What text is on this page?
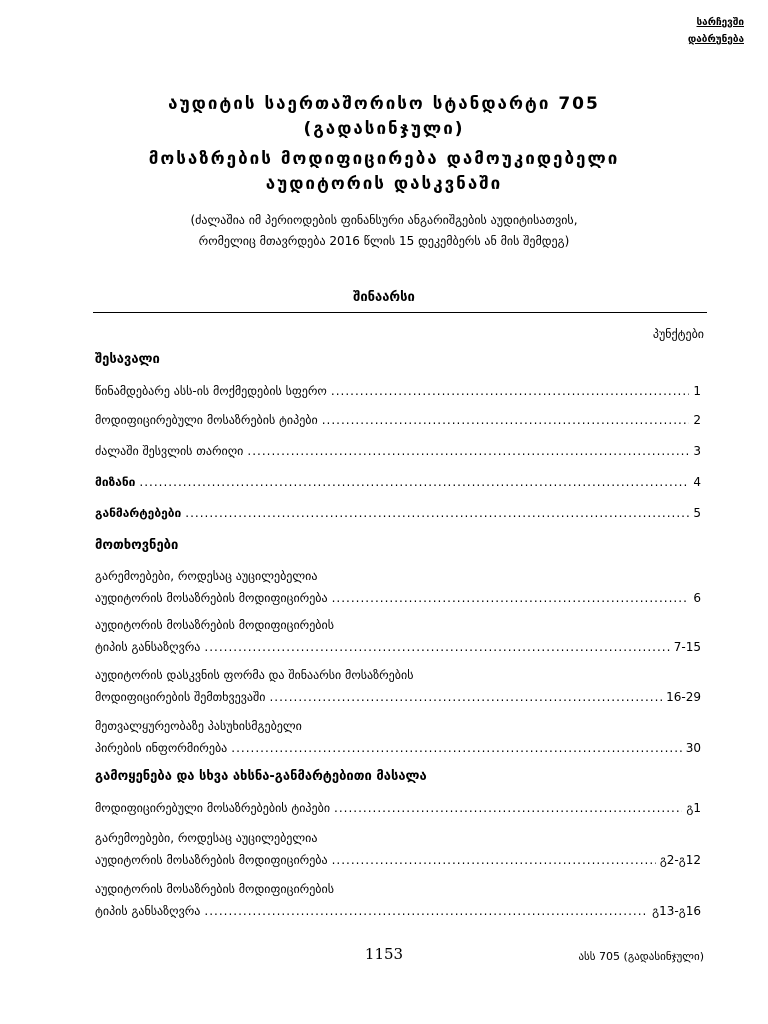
სარჩევში
დაბრუნება
აუდიტის საერთაშორისო სტანდარტი 705
(გადასინჯული)
მოსაზრების მოდიფიცირება დამოუკიდებელი
აუდიტორის დასკვნაში
(ძალაშია იმ პერიოდების ფინანსური ანგარიშგების აუდიტისათვის,
რომელიც მთავრდება 2016 წლის 15 დეკემბერს ან მის შემდეგ)
შინაარსი
პუნქტები
შესავალი
წინამდებარე ასს-ის მოქმედების სფერო .....	1
მოდიფიცირებული მოსაზრების ტიპები .....	2
ძალაში შესვლის თარიღი .....	3
მიზანი .....	4
განმარტებები .....	5
მოთხოვნები
გარემოებები, როდესაც აუცილებელია
აუდიტორის მოსაზრების მოდიფიცირება .....	6
აუდიტორის მოსაზრების მოდიფიცირების
ტიპის განსაზღვრა .....	7-15
აუდიტორის დასკვნის ფორმა და შინაარსი მოსაზრების
მოდიფიცირების შემთხვევაში .....	16-29
მეთვალყურეობაზე პასუხისმგებელი
პირების ინფორმირება .....	30
გამოყენება და სხვა ახსნა-განმარტებითი მასალა
მოდიფიცირებული მოსაზრებების ტიპები .....	გ1
გარემოებები, როდესაც აუცილებელია
აუდიტორის მოსაზრების მოდიფიცირება .....	გ2-გ12
აუდიტორის მოსაზრების მოდიფიცირების
ტიპის განსაზღვრა .....	გ13-გ16
1153	ასს 705 (გადასინჯული)
